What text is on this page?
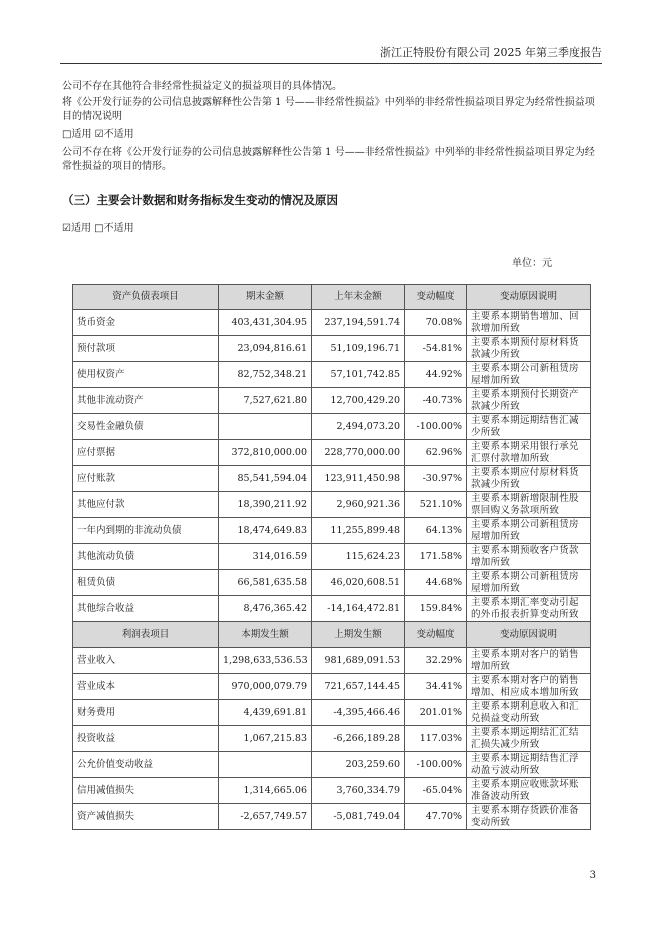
浙江正特股份有限公司 2025 年第三季度报告

公司不存在其他符合非经常性损益定义的损益项目的具体情况。

将《公开发行证券的公司信息披露解释性公告第 1 号——非经常性损益》中列举的非经常性损益项目界定为经常性损益项目的情况说明

□适用 ☑不适用

公司不存在将《公开发行证券的公司信息披露解释性公告第 1 号——非经常性损益》中列举的非经常性损益项目界定为经常性损益的项目的情形。

（三）主要会计数据和财务指标发生变动的情况及原因

☑适用 □不适用

单位：元
资产负债表项目	期末金额	上年末金额	变动幅度	变动原因说明
货币资金	403,431,304.95	237,194,591.74	70.08%	主要系本期销售增加、回款增加所致
预付款项	23,094,816.61	51,109,196.71	-54.81%	主要系本期预付原材料货款减少所致
使用权资产	82,752,348.21	57,101,742.85	44.92%	主要系本期公司新租赁房屋增加所致
其他非流动资产	7,527,621.80	12,700,429.20	-40.73%	主要系本期预付长期资产款减少所致
交易性金融负债		2,494,073.20	-100.00%	主要系本期远期结售汇减少所致
应付票据	372,810,000.00	228,770,000.00	62.96%	主要系本期采用银行承兑汇票付款增加所致
应付账款	85,541,594.04	123,911,450.98	-30.97%	主要系本期应付原材料货款减少所致
其他应付款	18,390,211.92	2,960,921.36	521.10%	主要系本期新增限制性股票回购义务款项所致
一年内到期的非流动负债	18,474,649.83	11,255,899.48	64.13%	主要系本期公司新租赁房屋增加所致
其他流动负债	314,016.59	115,624.23	171.58%	主要系本期预收客户货款增加所致
租赁负债	66,581,635.58	46,020,608.51	44.68%	主要系本期公司新租赁房屋增加所致
其他综合收益	8,476,365.42	-14,164,472.81	159.84%	主要系本期汇率变动引起的外币报表折算变动所致
利润表项目	本期发生额	上期发生额	变动幅度	变动原因说明
营业收入	1,298,633,536.53	981,689,091.53	32.29%	主要系本期对客户的销售增加所致
营业成本	970,000,079.79	721,657,144.45	34.41%	主要系本期对客户的销售增加、相应成本增加所致
财务费用	4,439,691.81	-4,395,466.46	201.01%	主要系本期利息收入和汇兑损益变动所致
投资收益	1,067,215.83	-6,266,189.28	117.03%	主要系本期远期结汇汇结汇损失减少所致
公允价值变动收益		203,259.60	-100.00%	主要系本期远期结售汇浮动盈亏波动所致
信用减值损失	1,314,665.06	3,760,334.79	-65.04%	主要系本期应收账款坏账准备波动所致
资产减值损失	-2,657,749.57	-5,081,749.04	47.70%	主要系本期存货跌价准备变动所致
3
